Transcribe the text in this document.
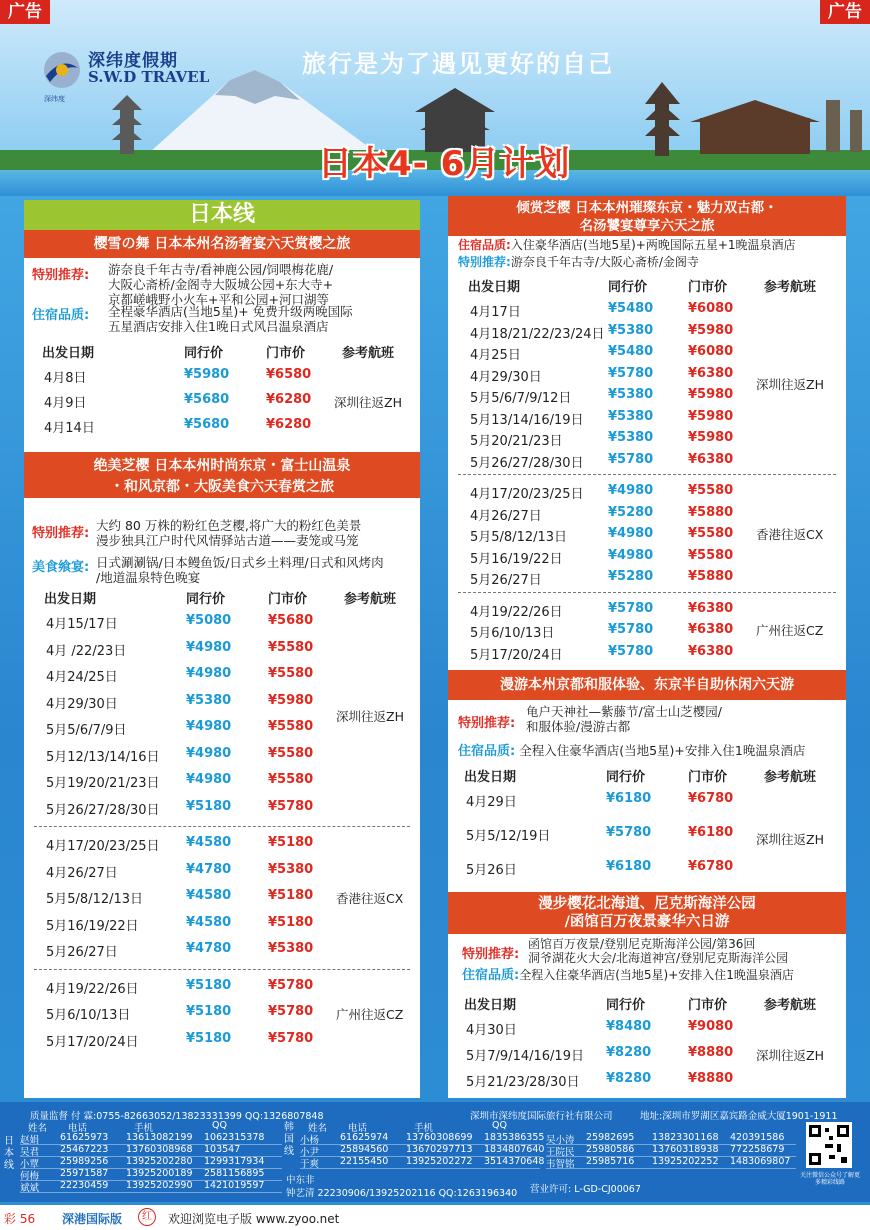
深纬度假期
S.W.D TRAVEL
深纬度
旅行是为了遇见更好的自己
日本4- 6月计划
广告	广告
日本线
樱雪の舞 日本本州名汤奢宴六天赏樱之旅
特别推荐: 游奈良千年古寺/看神鹿公园/饲喂梅花鹿/
大阪心斋桥/金阁寺大阪城公园+东大寺+
京都嵯峨野小火车+平和公园+河口湖等
住宿品质: 全程豪华酒店(当地5星)+ 免费升级两晚国际
五星酒店安排入住1晚日式风吕温泉酒店
出发日期	同行价	门市价	参考航班
4月8日	¥5980	¥6580
4月9日	¥5680	¥6280
4月14日	¥5680	¥6280
深圳往返ZH
绝美芝樱 日本本州时尚东京・富士山温泉
・和风京都・大阪美食六天春赏之旅
特别推荐:
大约 80 万株的粉红色芝樱,将广大的粉红色美景
漫步独具江户时代风情驿站古道——妻笼或马笼
美食飨宴: 日式涮涮锅/日本鳗鱼饭/日式乡土料理/日式和风烤肉
/地道温泉特色晚宴
出发日期	同行价	门市价	参考航班
4月15/17日	¥5080	¥5680
4月 /22/23日	¥4980	¥5580
4月24/25日	¥4980	¥5580
4月29/30日	¥5380	¥5980
5月5/6/7/9日	¥4980	¥5580
5月12/13/14/16日 ¥4980	¥5580
5月19/20/21/23日 ¥4980	¥5580
5月26/27/28/30日 ¥5180	¥5780
深圳往返ZH
4月17/20/23/25日 ¥4580	¥5180
4月26/27日	¥4780	¥5380
5月5/8/12/13日	¥4580	¥5180
5月16/19/22日	¥4580	¥5180
5月26/27日	¥4780	¥5380
香港往返CX
4月19/22/26日	¥5180	¥5780
5月6/10/13日	¥5180	¥5780
5月17/20/24日	¥5180	¥5780
广州往返CZ
倾赏芝樱 日本本州璀璨东京・魅力双古都・
名汤饕宴尊享六天之旅
住宿品质:入住豪华酒店(当地5星)+两晚国际五星+1晚温泉酒店
特别推荐:游奈良千年古寺/大阪心斋桥/金阁寺
出发日期	同行价	门市价	参考航班
4月17日	¥5480	¥6080
4月18/21/22/23/24日 ¥5380	¥5980
4月25日	¥5480	¥6080
4月29/30日	¥5780	¥6380
5月5/6/7/9/12日	¥5380	¥5980
5月13/14/16/19日 ¥5380	¥5980
5月20/21/23日	¥5380	¥5980
5月26/27/28/30日 ¥5780	¥6380
深圳往返ZH
4月17/20/23/25日 ¥4980	¥5580
4月26/27日	¥5280	¥5880
5月5/8/12/13日	¥4980	¥5580
5月16/19/22日	¥4980	¥5580
5月26/27日	¥5280	¥5880
香港往返CX
4月19/22/26日	¥5780	¥6380
5月6/10/13日	¥5780	¥6380
5月17/20/24日	¥5780	¥6380
广州往返CZ
漫游本州京都和服体验、东京半自助休闲六天游
特别推荐:
龟户天神社—紫藤节/富士山芝樱园/
和服体验/漫游古都
住宿品质: 全程入住豪华酒店(当地5星)+安排入住1晚温泉酒店
出发日期	同行价	门市价	参考航班
4月29日	¥6180	¥6780
5月5/12/19日	¥5780	¥6180
5月26日	¥6180	¥6780
深圳往返ZH
漫步樱花北海道、尼克斯海洋公园
/函馆百万夜景豪华六日游
特别推荐:
函馆百万夜景/登别尼克斯海洋公园/第36回
洞爷湖花火大会/北海道神宫/登别尼克斯海洋公园
住宿品质:全程入住豪华酒店(当地5星)+安排入住1晚温泉酒店
出发日期	同行价	门市价	参考航班
4月30日	¥8480	¥9080
5月7/9/14/16/19日 ¥8280	¥8880
5月21/23/28/30日 ¥8280	¥8880
深圳往返ZH
质量监督 付 霖:0755-82663052/13823331399 QQ:1326807848	深圳市深纬度国际旅行社有限公司	地址:深圳市罗湖区嘉宾路金威大厦1901-1911
营业许可: L-GD-CJ00067
日本线
韩国线
中东非
钟艺清 22230906/13925202116 QQ:1263196340
姓名 电话	手机	QQ
赵娟 61625973 13613082199 1062315378
吴君 25467223 13760308968 103547
小覃 25989256 13925202280 1299317934
何梅 25971587 13925200189 2581156895
斌斌 22230459 13925202990 1421019597
姓名 电话	手机	QQ
小杨 61625974 13760308699 1835386355
小尹 25894560 13670297713 1834807640
于爽 22155450 13925202272 3514370648
吴小涛 25982695 13823301168 420391586
王院民 25980586 13760318938 772258679
韦智铭 25985716 13925202252 1483069807
关注微信公众号了解更多精彩线路
彩 56 深港国际版	红	欢迎浏览电子版 www.zyoo.net
